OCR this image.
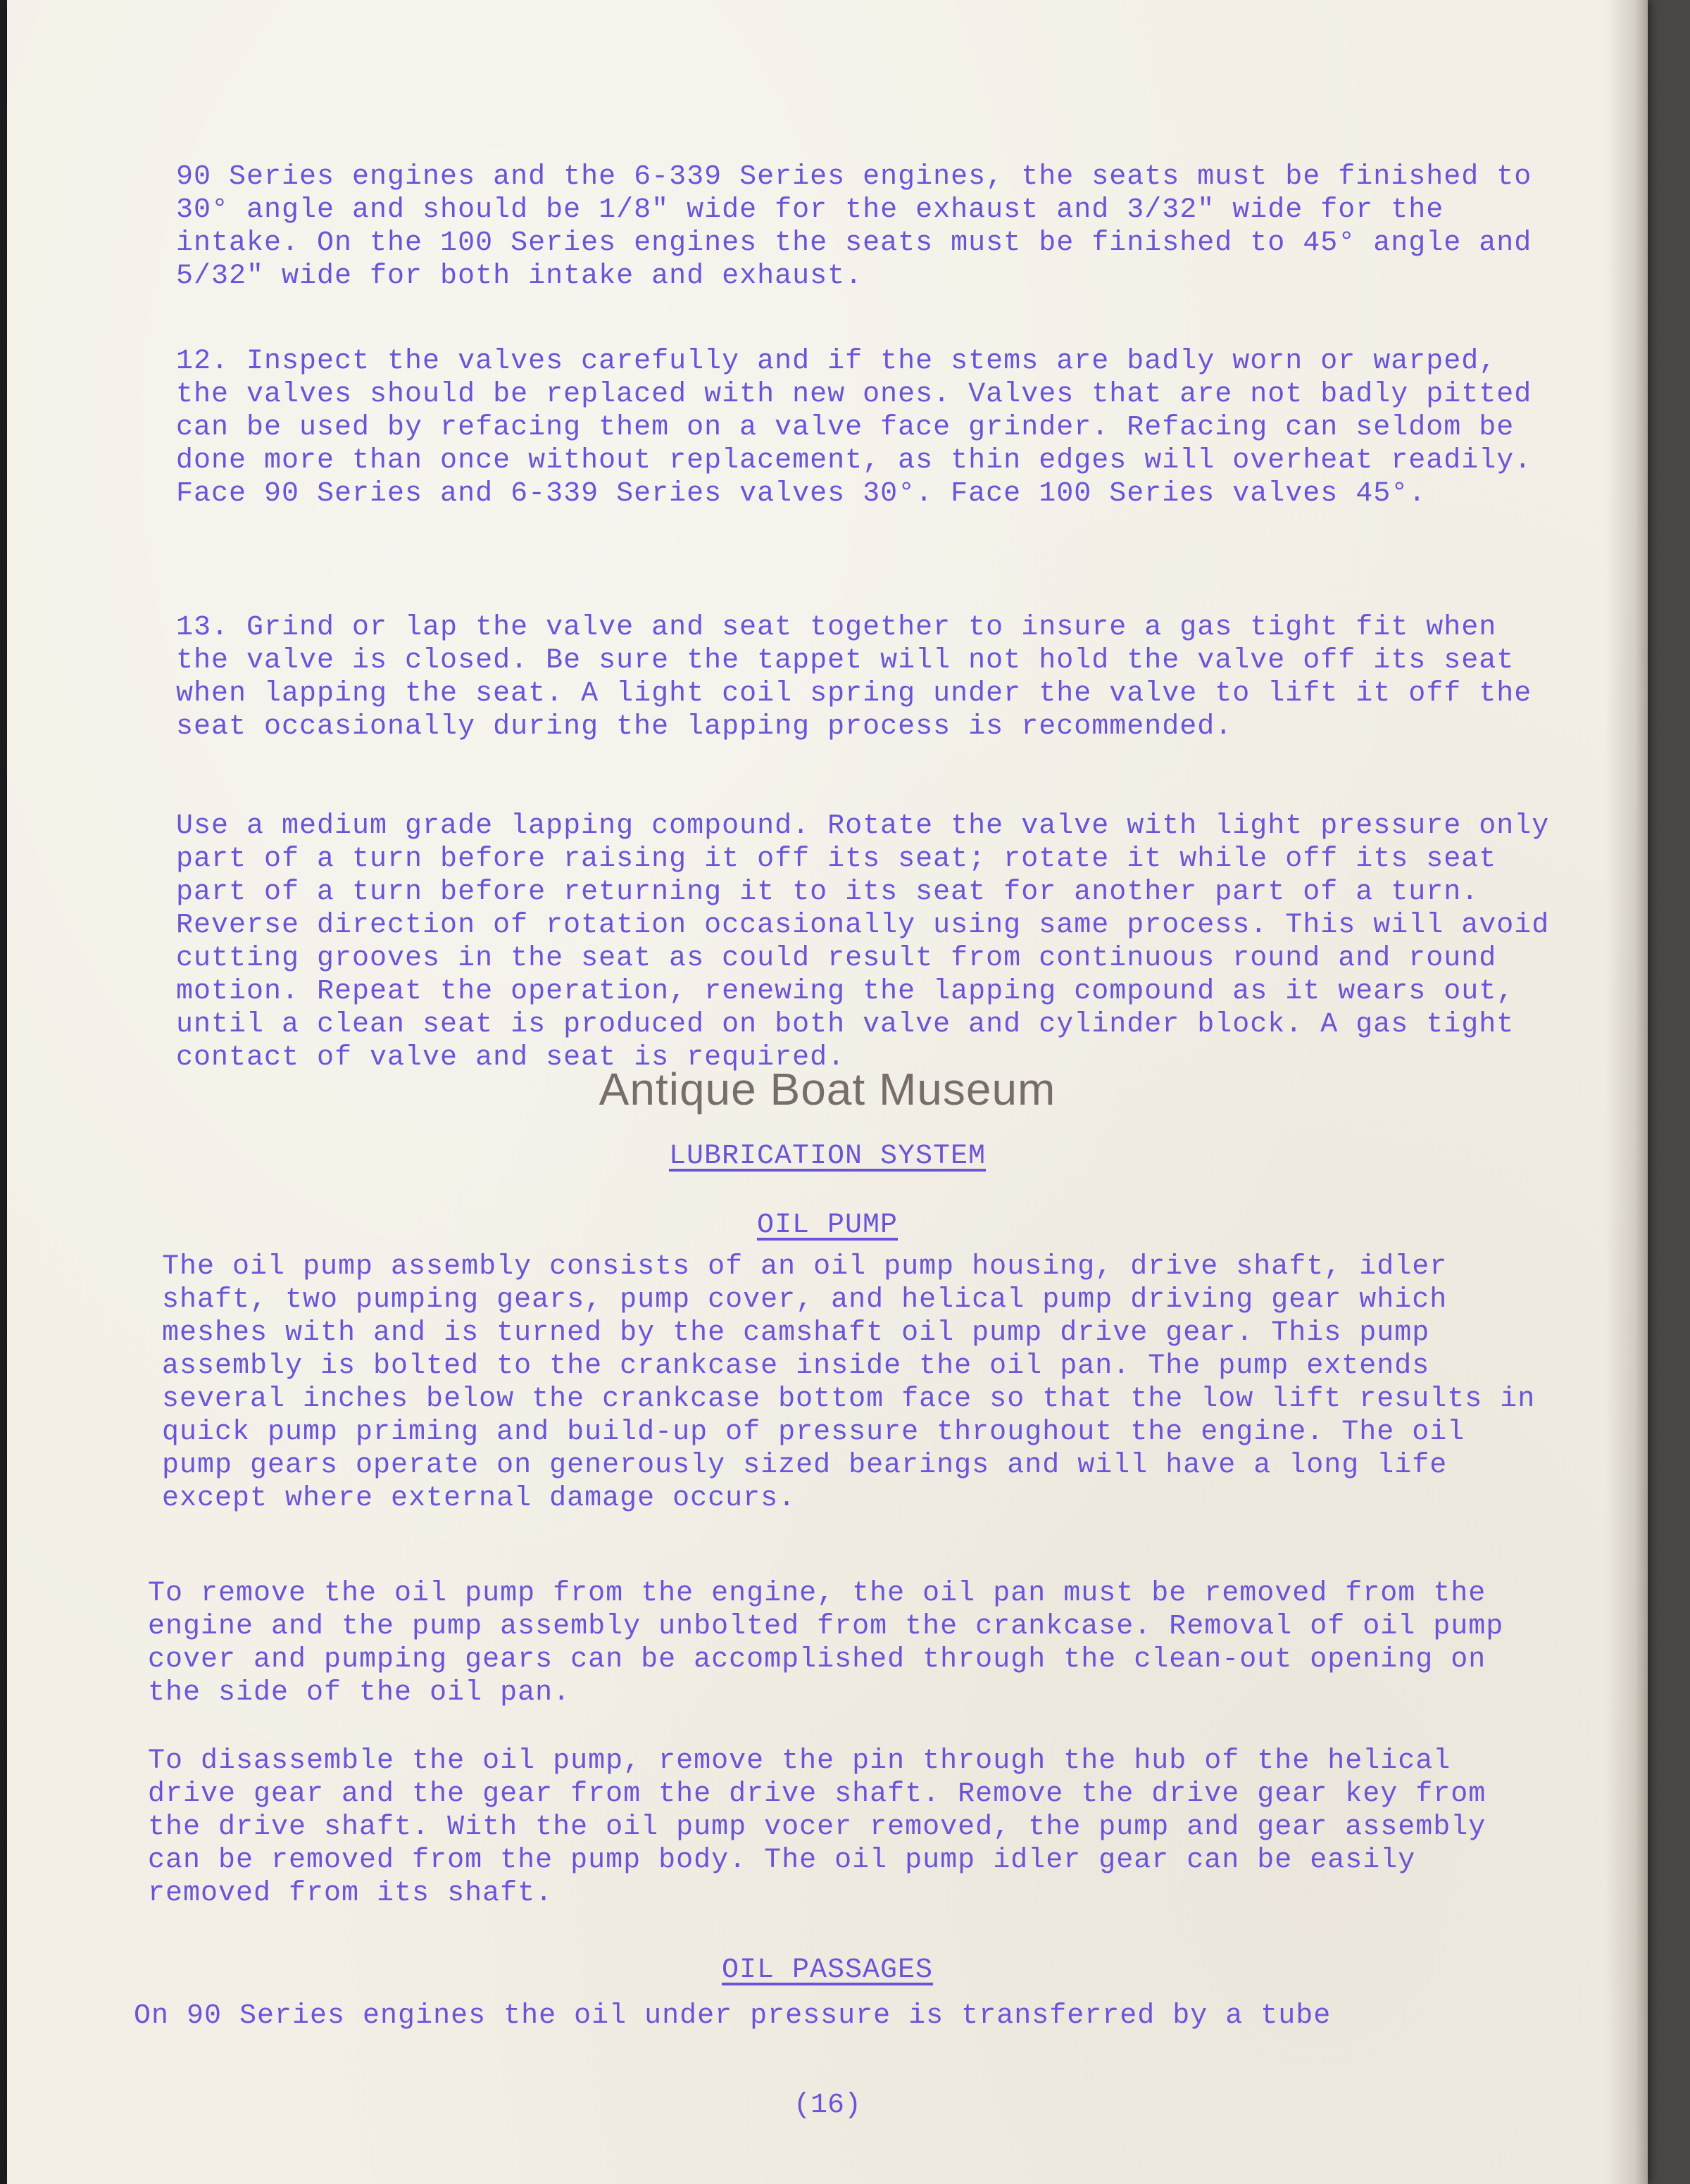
90 Series engines and the 6-339 Series engines, the seats must be finished to 30° angle and should be 1/8" wide for the exhaust and 3/32" wide for the intake. On the 100 Series engines the seats must be finished to 45° angle and 5/32" wide for both intake and exhaust.
12. Inspect the valves carefully and if the stems are badly worn or warped, the valves should be replaced with new ones. Valves that are not badly pitted can be used by refacing them on a valve face grinder. Refacing can seldom be done more than once without replacement, as thin edges will overheat readily. Face 90 Series and 6-339 Series valves 30°. Face 100 Series valves 45°.
13. Grind or lap the valve and seat together to insure a gas tight fit when the valve is closed. Be sure the tappet will not hold the valve off its seat when lapping the seat. A light coil spring under the valve to lift it off the seat occasionally during the lapping process is recommended.
Use a medium grade lapping compound. Rotate the valve with light pressure only part of a turn before raising it off its seat; rotate it while off its seat part of a turn before returning it to its seat for another part of a turn. Reverse direction of rotation occasionally using same process. This will avoid cutting grooves in the seat as could result from continuous round and round motion. Repeat the operation, renewing the lapping compound as it wears out, until a clean seat is produced on both valve and cylinder block. A gas tight contact of valve and seat is required.
Antique Boat Museum
LUBRICATION SYSTEM
OIL PUMP
The oil pump assembly consists of an oil pump housing, drive shaft, idler shaft, two pumping gears, pump cover, and helical pump driving gear which meshes with and is turned by the camshaft oil pump drive gear. This pump assembly is bolted to the crankcase inside the oil pan. The pump extends several inches below the crankcase bottom face so that the low lift results in quick pump priming and build-up of pressure throughout the engine. The oil pump gears operate on generously sized bearings and will have a long life except where external damage occurs.
To remove the oil pump from the engine, the oil pan must be removed from the engine and the pump assembly unbolted from the crankcase. Removal of oil pump cover and pumping gears can be accomplished through the clean-out opening on the side of the oil pan.
To disassemble the oil pump, remove the pin through the hub of the helical drive gear and the gear from the drive shaft. Remove the drive gear key from the drive shaft. With the oil pump vocer removed, the pump and gear assembly can be removed from the pump body. The oil pump idler gear can be easily removed from its shaft.
OIL PASSAGES
On 90 Series engines the oil under pressure is transferred by a tube
(16)
